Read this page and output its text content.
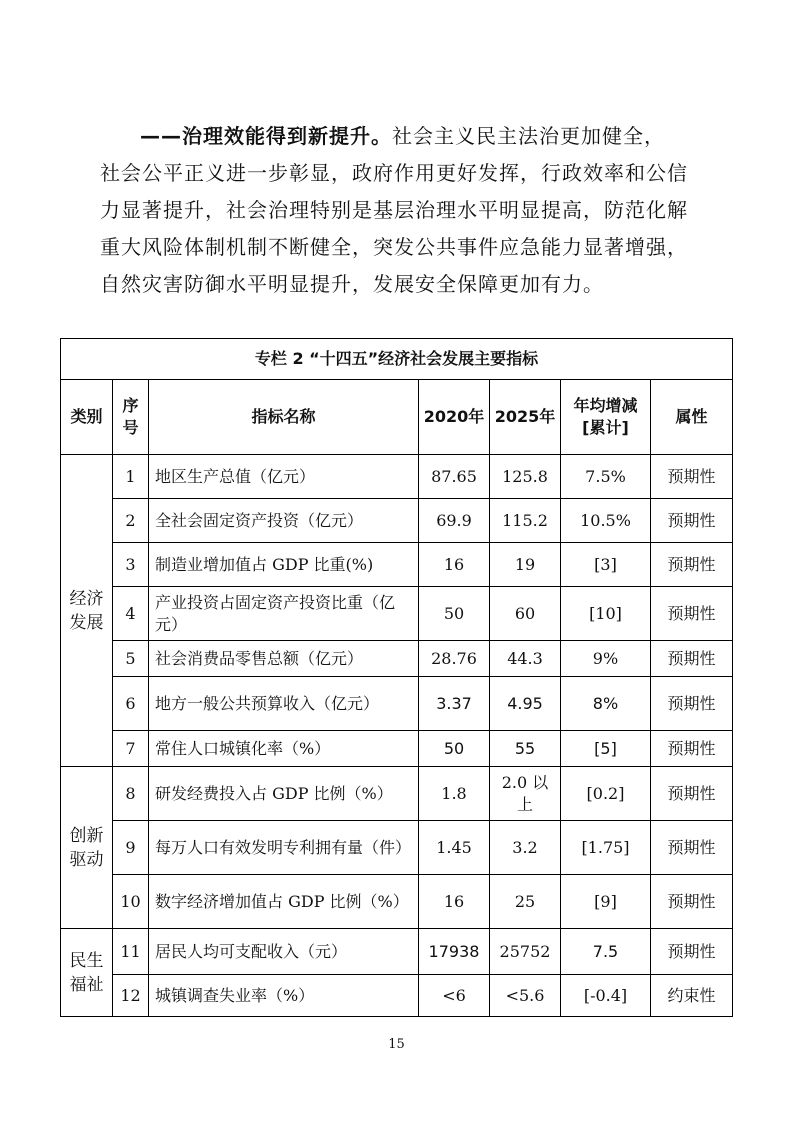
——治理效能得到新提升。社会主义民主法治更加健全，
社会公平正义进一步彰显，政府作用更好发挥，行政效率和公信
力显著提升，社会治理特别是基层治理水平明显提高，防范化解
重大风险体制机制不断健全，突发公共事件应急能力显著增强，
自然灾害防御水平明显提升，发展安全保障更加有力。
专栏 2 “十四五”经济社会发展主要指标						
类别	序号	指标名称	2020年	2025年	年均增减[累计]	属性
经济发展	1	地区生产总值（亿元）	87.65	125.8	7.5%	预期性
	2	全社会固定资产投资（亿元）	69.9	115.2	10.5%	预期性
	3	制造业增加值占 GDP 比重(%)	16	19	[3]	预期性
	4	产业投资占固定资产投资比重（亿元）	50	60	[10]	预期性
	5	社会消费品零售总额（亿元）	28.76	44.3	9%	预期性
	6	地方一般公共预算收入（亿元）	3.37	4.95	8%	预期性
	7	常住人口城镇化率（%）	50	55	[5]	预期性
创新驱动	8	研发经费投入占 GDP 比例（%）	1.8	2.0 以上	[0.2]	预期性
	9	每万人口有效发明专利拥有量（件）	1.45	3.2	[1.75]	预期性
	10	数字经济增加值占 GDP 比例（%）	16	25	[9]	预期性
民生福祉	11	居民人均可支配收入（元）	17938	25752	7.5	预期性
	12	城镇调查失业率（%）	<6	<5.6	[-0.4]	约束性
15
